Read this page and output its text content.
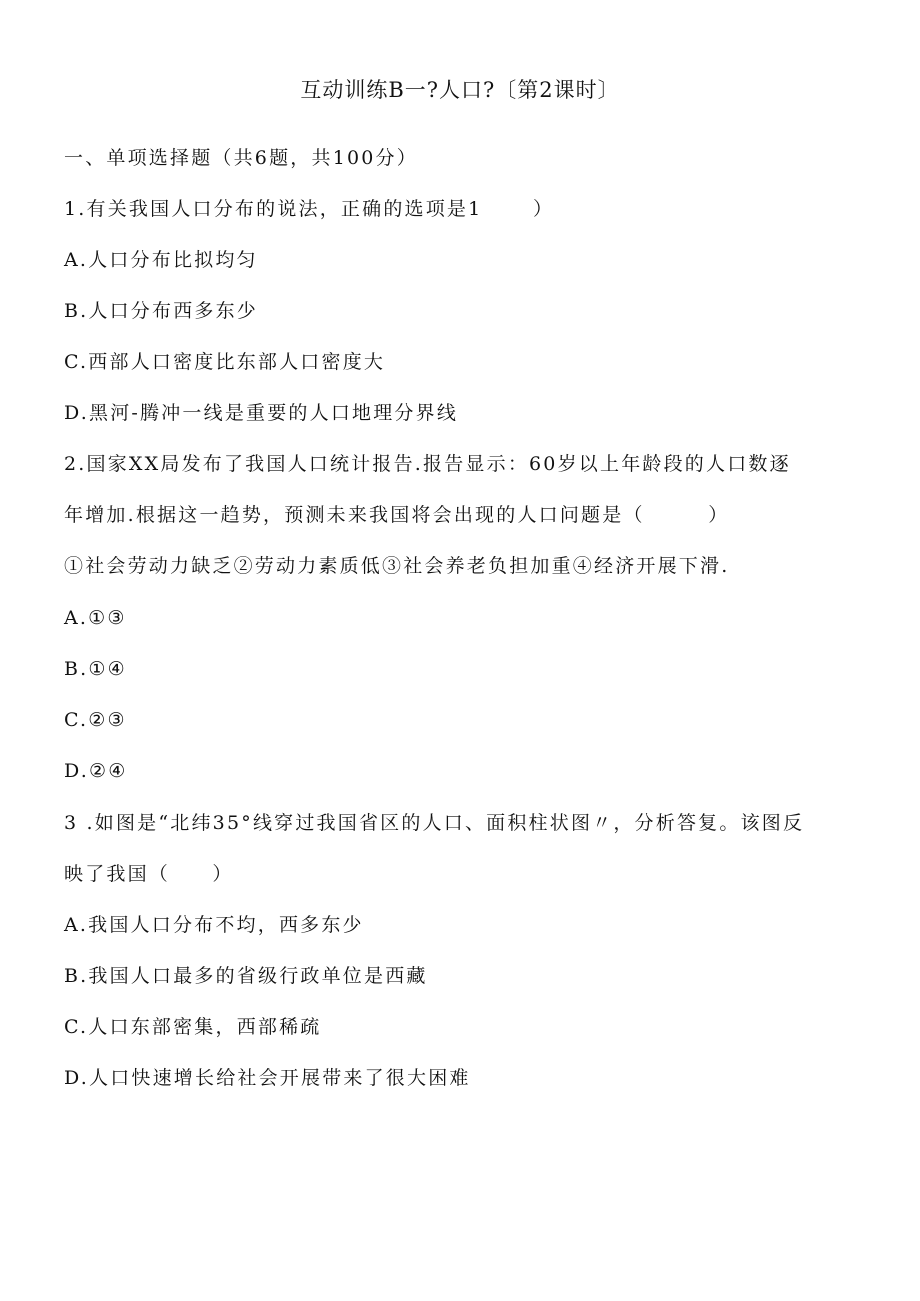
互动训练B一?人口?〔第2课时〕
一、单项选择题（共6题，共100分）
1.有关我国人口分布的说法，正确的选项是1　　 ）
A.人口分布比拟均匀
B.人口分布西多东少
C.西部人口密度比东部人口密度大
D.黑河-腾冲一线是重要的人口地理分界线
2.国家XX局发布了我国人口统计报告.报告显示：60岁以上年龄段的人口数逐
年增加.根据这一趋势，预测未来我国将会出现的人口问题是（　　　）
①社会劳动力缺乏②劳动力素质低③社会养老负担加重④经济开展下滑.
A.①③
B.①④
C.②③
D.②④
3 .如图是“北纬35°线穿过我国省区的人口、面积柱状图〃，分析答复。该图反
映了我国（　　）
A.我国人口分布不均，西多东少
B.我国人口最多的省级行政单位是西藏
C.人口东部密集，西部稀疏
D.人口快速增长给社会开展带来了很大困难
